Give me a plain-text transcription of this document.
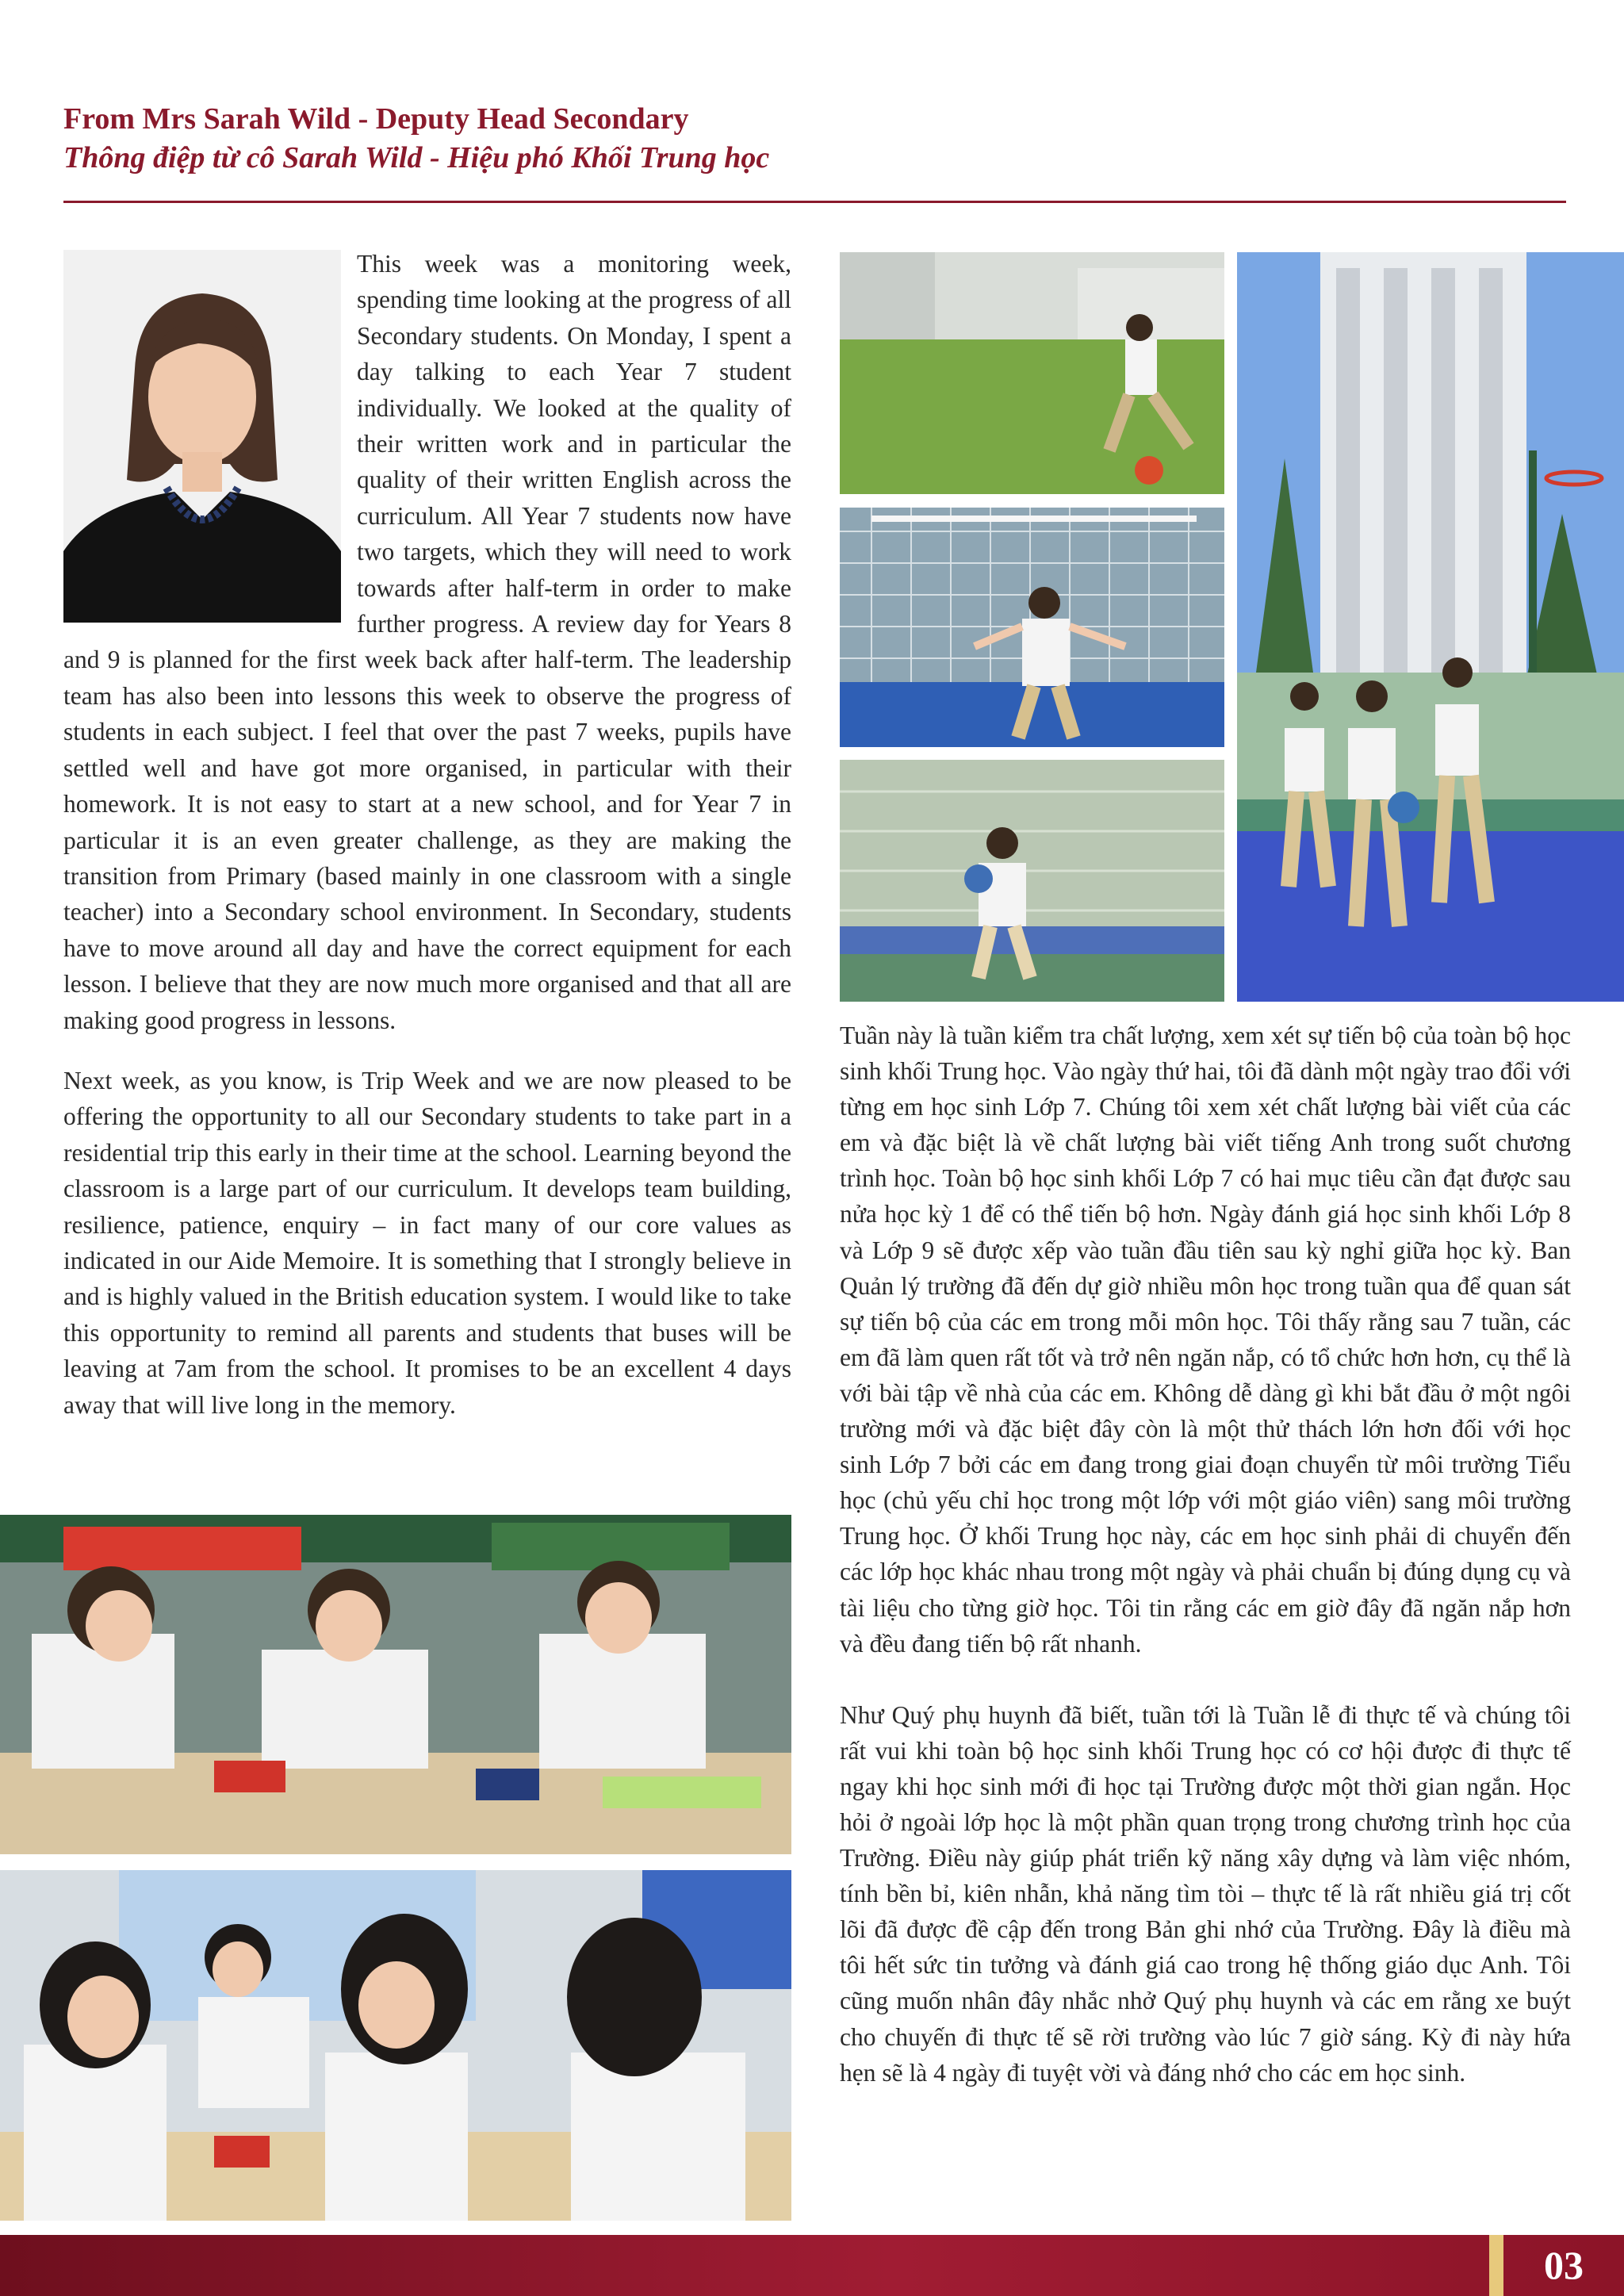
From Mrs Sarah Wild - Deputy Head Secondary
Thông điệp từ cô Sarah Wild - Hiệu phó Khối Trung học

This week was a monitoring week, spending time looking at the progress of all Secondary students. On Monday, I spent a day talking to each Year 7 student individually. We looked at the quality of their written work and in particular the quality of their written English across the curriculum. All Year 7 students now have two targets, which they will need to work towards after half-term in order to make further progress. A review day for Years 8 and 9 is planned for the first week back after half-term. The leadership team has also been into lessons this week to observe the progress of students in each subject. I feel that over the past 7 weeks, pupils have settled well and have got more organised, in particular with their homework. It is not easy to start at a new school, and for Year 7 in particular it is an even greater challenge, as they are making the transition from Primary (based mainly in one classroom with a single teacher) into a Secondary school environment. In Secondary, students have to move around all day and have the correct equipment for each lesson. I believe that they are now much more organised and that all are making good progress in lessons.

Next week, as you know, is Trip Week and we are now pleased to be offering the opportunity to all our Secondary students to take part in a residential trip this early in their time at the school. Learning beyond the classroom is a large part of our curriculum. It develops team building, resilience, patience, enquiry – in fact many of our core values as indicated in our Aide Memoire. It is something that I strongly believe in and is highly valued in the British education system. I would like to take this opportunity to remind all parents and students that buses will be leaving at 7am from the school. It promises to be an excellent 4 days away that will live long in the memory.

Tuần này là tuần kiểm tra chất lượng, xem xét sự tiến bộ của toàn bộ học sinh khối Trung học. Vào ngày thứ hai, tôi đã dành một ngày trao đổi với từng em học sinh Lớp 7. Chúng tôi xem xét chất lượng bài viết của các em và đặc biệt là về chất lượng bài viết tiếng Anh trong suốt chương trình học. Toàn bộ học sinh khối Lớp 7 có hai mục tiêu cần đạt được sau nửa học kỳ 1 để có thể tiến bộ hơn. Ngày đánh giá học sinh khối Lớp 8 và Lớp 9 sẽ được xếp vào tuần đầu tiên sau kỳ nghỉ giữa học kỳ. Ban Quản lý trường đã đến dự giờ nhiều môn học trong tuần qua để quan sát sự tiến bộ của các em trong mỗi môn học. Tôi thấy rằng sau 7 tuần, các em đã làm quen rất tốt và trở nên ngăn nắp, có tổ chức hơn hơn, cụ thể là với bài tập về nhà của các em. Không dễ dàng gì khi bắt đầu ở một ngôi trường mới và đặc biệt đây còn là một thử thách lớn hơn đối với học sinh Lớp 7 bởi các em đang trong giai đoạn chuyển từ môi trường Tiểu học (chủ yếu chỉ học trong một lớp với một giáo viên) sang môi trường Trung học. Ở khối Trung học này, các em học sinh phải di chuyển đến các lớp học khác nhau trong một ngày và phải chuẩn bị đúng dụng cụ và tài liệu cho từng giờ học. Tôi tin rằng các em giờ đây đã ngăn nắp hơn và đều đang tiến bộ rất nhanh.

Như Quý phụ huynh đã biết, tuần tới là Tuần lễ đi thực tế và chúng tôi rất vui khi toàn bộ học sinh khối Trung học có cơ hội được đi thực tế ngay khi học sinh mới đi học tại Trường được một thời gian ngắn. Học hỏi ở ngoài lớp học là một phần quan trọng trong chương trình học của Trường. Điều này giúp phát triển kỹ năng xây dựng và làm việc nhóm, tính bền bỉ, kiên nhẫn, khả năng tìm tòi – thực tế là rất nhiều giá trị cốt lõi đã được đề cập đến trong Bản ghi nhớ của Trường. Đây là điều mà tôi hết sức tin tưởng và đánh giá cao trong hệ thống giáo dục Anh. Tôi cũng muốn nhân đây nhắc nhở Quý phụ huynh và các em rằng xe buýt cho chuyến đi thực tế sẽ rời trường vào lúc 7 giờ sáng. Kỳ đi này hứa hẹn sẽ là 4 ngày đi tuyệt vời và đáng nhớ cho các em học sinh.

03
